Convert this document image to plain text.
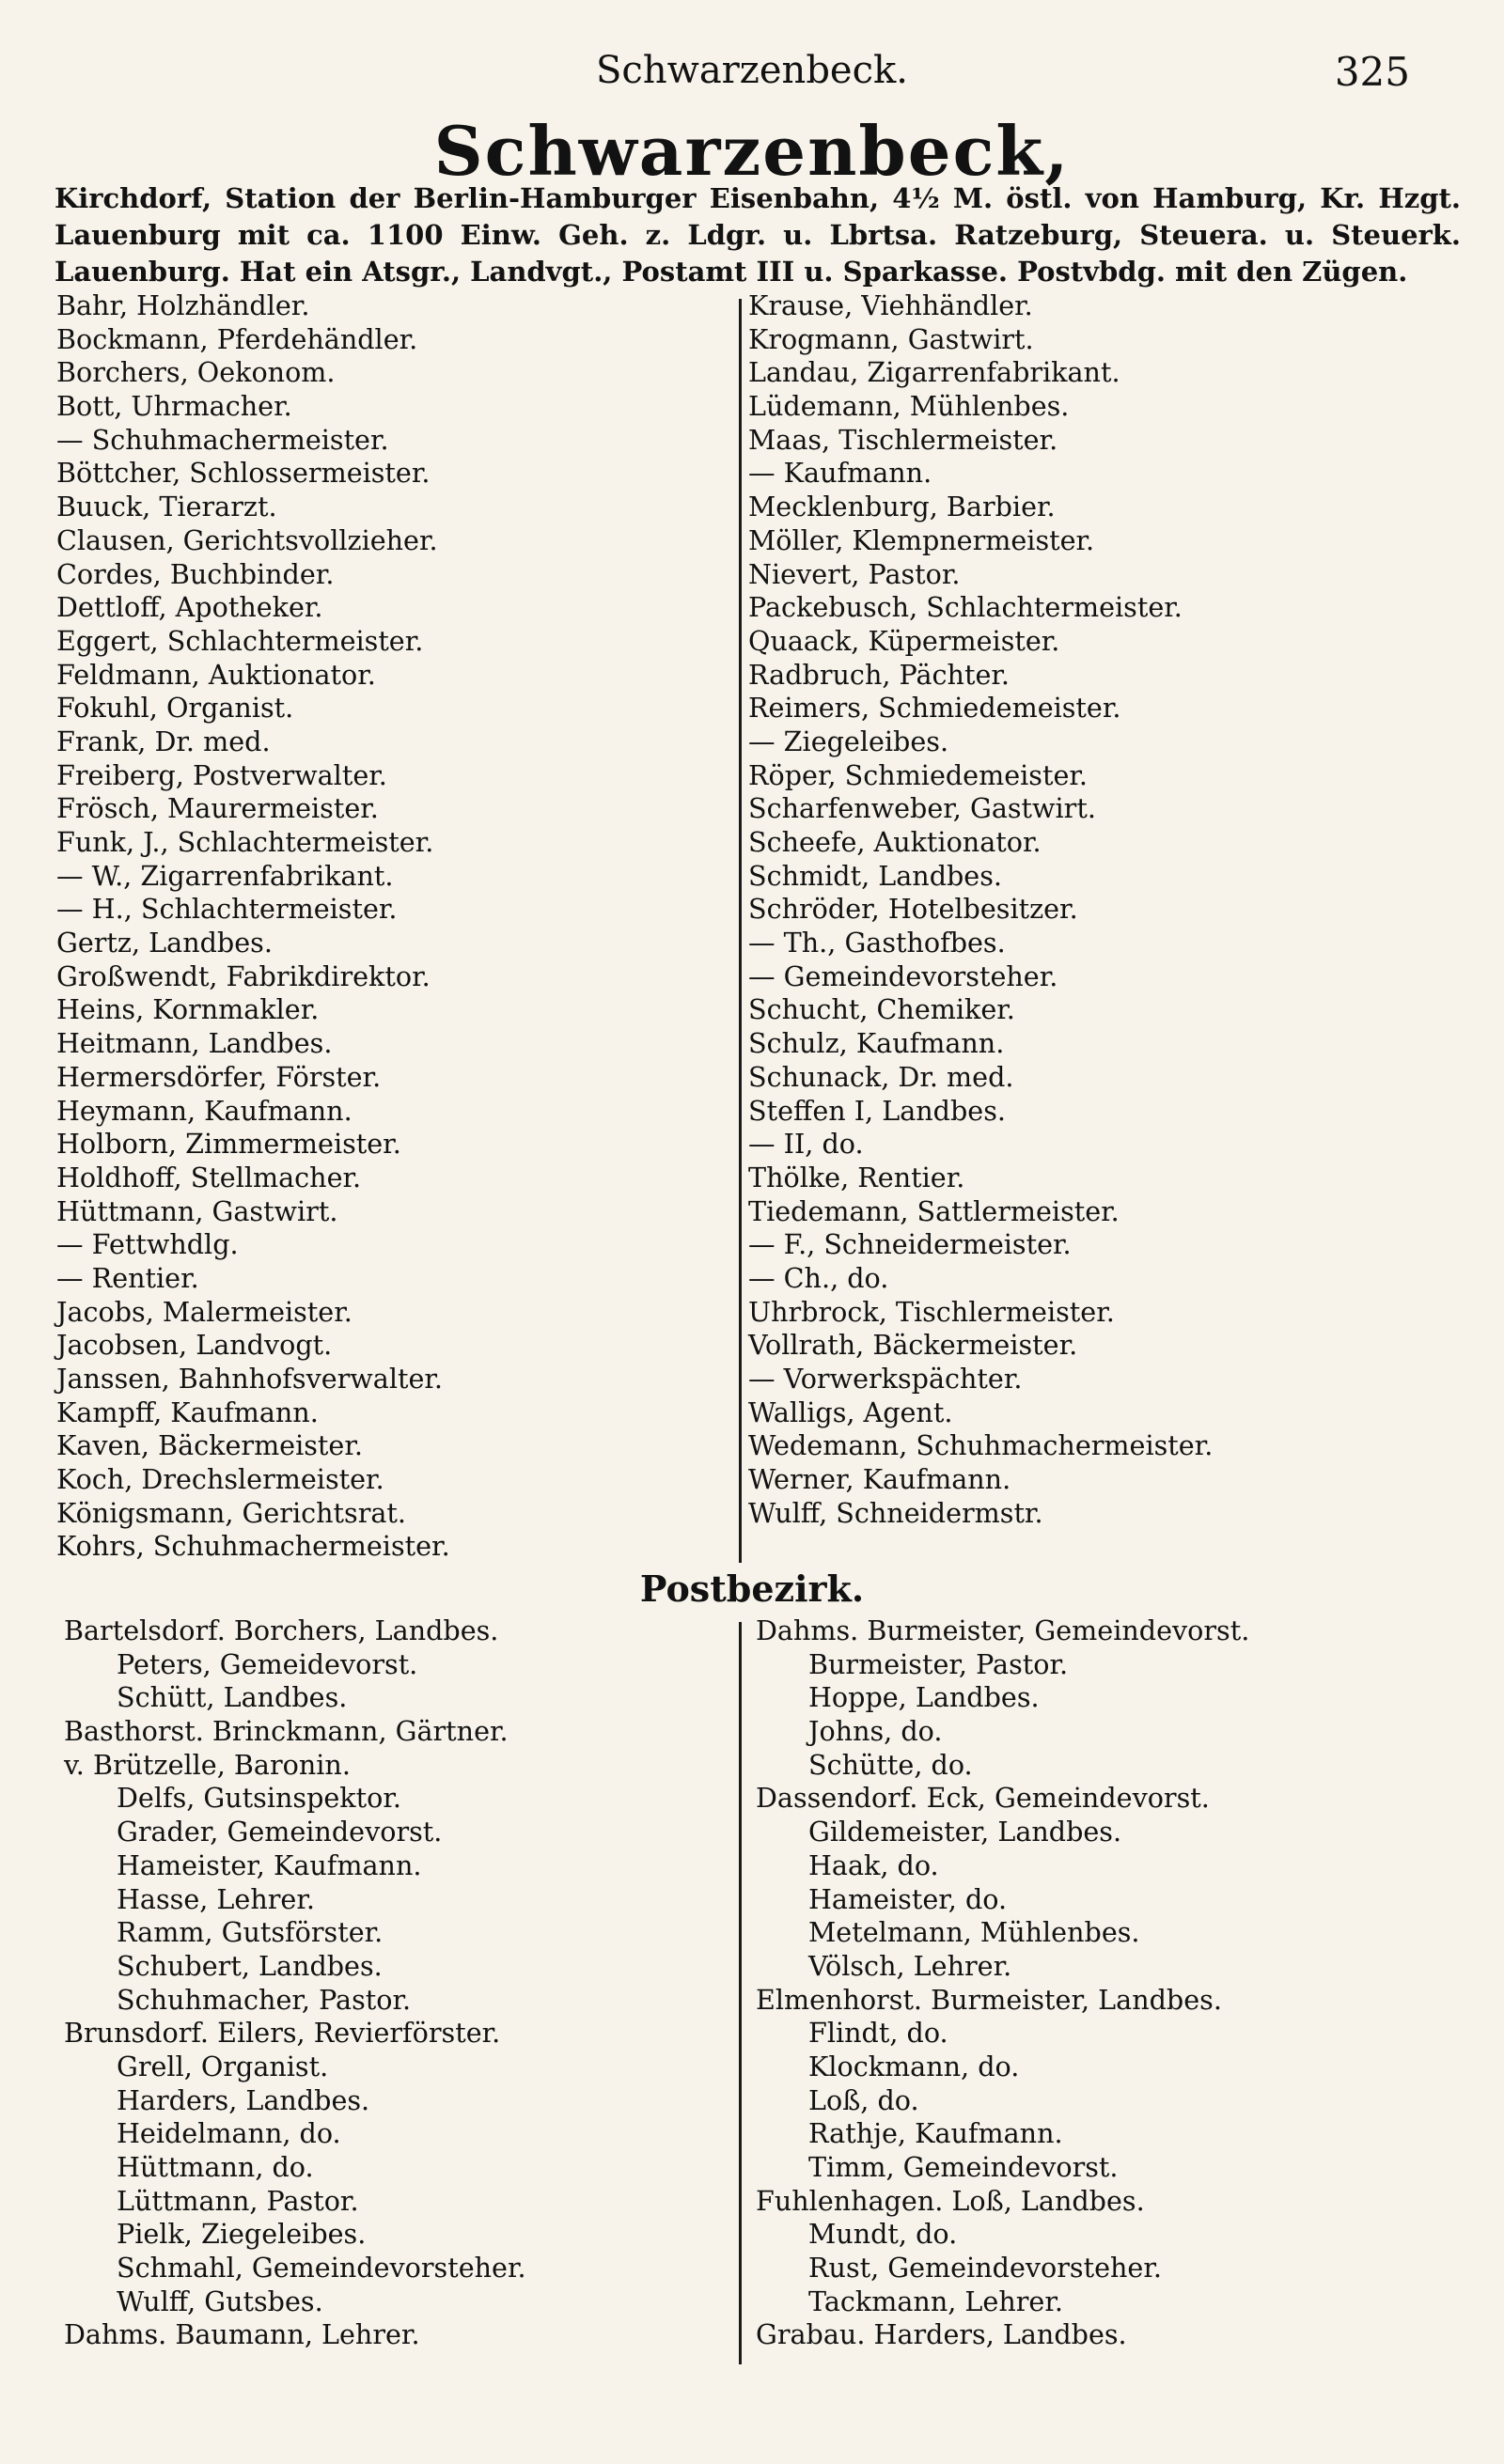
Schwarzenbeck.	325
Schwarzenbeck,
Kirchdorf, Station der Berlin-Hamburger Eisenbahn, 4½ M. östl. von Hamburg, Kr. Hzgt. Lauenburg mit ca. 1100 Einw. Geh. z. Ldgr. u. Lbrtsa. Ratzeburg, Steuera. u. Steuerk. Lauenburg. Hat ein Atsgr., Landvgt., Postamt III u. Sparkasse. Postvbdg. mit den Zügen.
Bahr, Holzhändler.
Bockmann, Pferdehändler.
Borchers, Oekonom.
Bott, Uhrmacher.
— Schuhmachermeister.
Böttcher, Schlossermeister.
Buuck, Tierarzt.
Clausen, Gerichtsvollzieher.
Cordes, Buchbinder.
Dettloff, Apotheker.
Eggert, Schlachtermeister.
Feldmann, Auktionator.
Fokuhl, Organist.
Frank, Dr. med.
Freiberg, Postverwalter.
Frösch, Maurermeister.
Funk, J., Schlachtermeister.
— W., Zigarrenfabrikant.
— H., Schlachtermeister.
Gertz, Landbes.
Großwendt, Fabrikdirektor.
Heins, Kornmakler.
Heitmann, Landbes.
Hermersdörfer, Förster.
Heymann, Kaufmann.
Holborn, Zimmermeister.
Holdhoff, Stellmacher.
Hüttmann, Gastwirt.
— Fettwhdlg.
— Rentier.
Jacobs, Malermeister.
Jacobsen, Landvogt.
Janssen, Bahnhofsverwalter.
Kampff, Kaufmann.
Kaven, Bäckermeister.
Koch, Drechslermeister.
Königsmann, Gerichtsrat.
Kohrs, Schuhmachermeister.
Krause, Viehhändler.
Krogmann, Gastwirt.
Landau, Zigarrenfabrikant.
Lüdemann, Mühlenbes.
Maas, Tischlermeister.
— Kaufmann.
Mecklenburg, Barbier.
Möller, Klempnermeister.
Nievert, Pastor.
Packebusch, Schlachtermeister.
Quaack, Küpermeister.
Radbruch, Pächter.
Reimers, Schmiedemeister.
— Ziegeleibes.
Röper, Schmiedemeister.
Scharfenweber, Gastwirt.
Scheefe, Auktionator.
Schmidt, Landbes.
Schröder, Hotelbesitzer.
— Th., Gasthofbes.
— Gemeindevorsteher.
Schucht, Chemiker.
Schulz, Kaufmann.
Schunack, Dr. med.
Steffen I, Landbes.
— II, do.
Thölke, Rentier.
Tiedemann, Sattlermeister.
— F., Schneidermeister.
— Ch., do.
Uhrbrock, Tischlermeister.
Vollrath, Bäckermeister.
— Vorwerkspächter.
Walligs, Agent.
Wedemann, Schuhmachermeister.
Werner, Kaufmann.
Wulff, Schneidermstr.
Postbezirk.
Bartelsdorf. Borchers, Landbes.
Peters, Gemeidevorst.
Schütt, Landbes.
Basthorst. Brinckmann, Gärtner.
v. Brützelle, Baronin.
Delfs, Gutsinspektor.
Grader, Gemeindevorst.
Hameister, Kaufmann.
Hasse, Lehrer.
Ramm, Gutsförster.
Schubert, Landbes.
Schuhmacher, Pastor.
Brunsdorf. Eilers, Revierförster.
Grell, Organist.
Harders, Landbes.
Heidelmann, do.
Hüttmann, do.
Lüttmann, Pastor.
Pielk, Ziegeleibes.
Schmahl, Gemeindevorsteher.
Wulff, Gutsbes.
Dahms. Baumann, Lehrer.
Dahms. Burmeister, Gemeindevorst.
Burmeister, Pastor.
Hoppe, Landbes.
Johns, do.
Schütte, do.
Dassendorf. Eck, Gemeindevorst.
Gildemeister, Landbes.
Haak, do.
Hameister, do.
Metelmann, Mühlenbes.
Völsch, Lehrer.
Elmenhorst. Burmeister, Landbes.
Flindt, do.
Klockmann, do.
Loß, do.
Rathje, Kaufmann.
Timm, Gemeindevorst.
Fuhlenhagen. Loß, Landbes.
Mundt, do.
Rust, Gemeindevorsteher.
Tackmann, Lehrer.
Grabau. Harders, Landbes.
